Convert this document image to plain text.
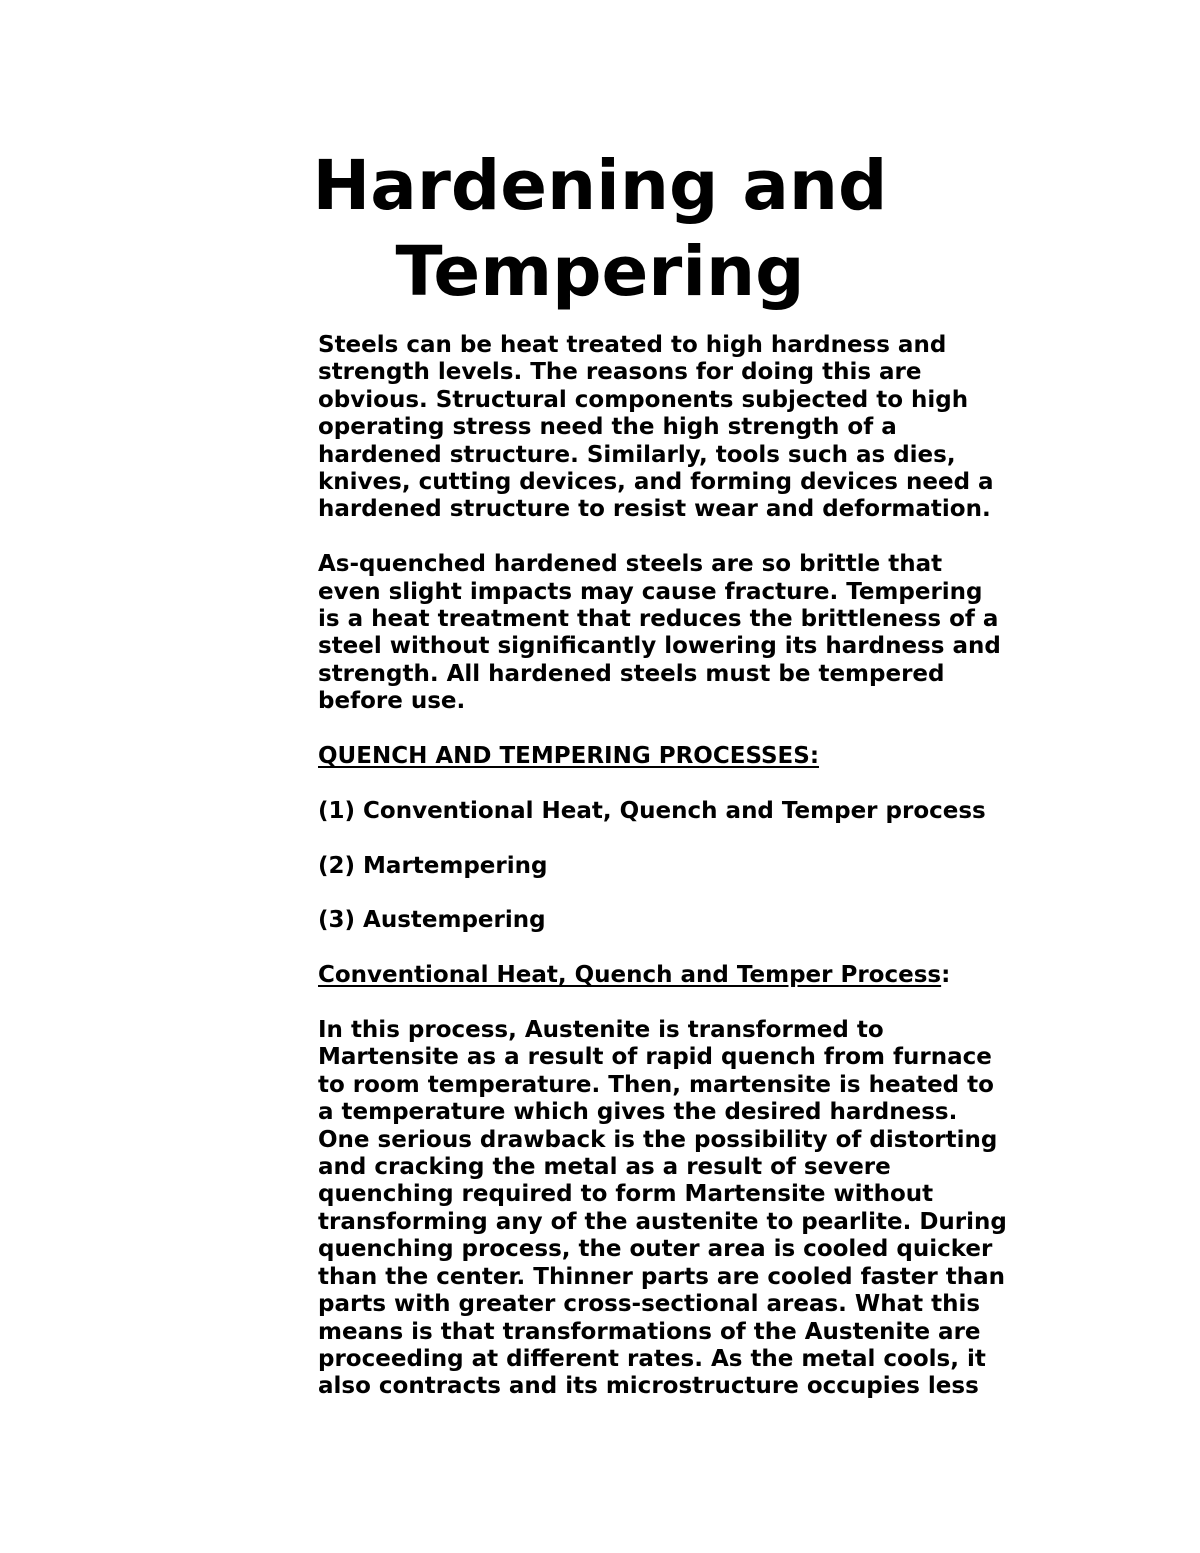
Hardening and
Tempering

Steels can be heat treated to high hardness and
strength levels. The reasons for doing this are
obvious. Structural components subjected to high
operating stress need the high strength of a
hardened structure. Similarly, tools such as dies,
knives, cutting devices, and forming devices need a
hardened structure to resist wear and deformation.

As-quenched hardened steels are so brittle that
even slight impacts may cause fracture. Tempering
is a heat treatment that reduces the brittleness of a
steel without significantly lowering its hardness and
strength. All hardened steels must be tempered
before use.

QUENCH AND TEMPERING PROCESSES:

(1) Conventional Heat, Quench and Temper process

(2) Martempering

(3) Austempering

Conventional Heat, Quench and Temper Process:

In this process, Austenite is transformed to
Martensite as a result of rapid quench from furnace
to room temperature. Then, martensite is heated to
a temperature which gives the desired hardness.
One serious drawback is the possibility of distorting
and cracking the metal as a result of severe
quenching required to form Martensite without
transforming any of the austenite to pearlite. During
quenching process, the outer area is cooled quicker
than the center. Thinner parts are cooled faster than
parts with greater cross-sectional areas. What this
means is that transformations of the Austenite are
proceeding at different rates. As the metal cools, it
also contracts and its microstructure occupies less
